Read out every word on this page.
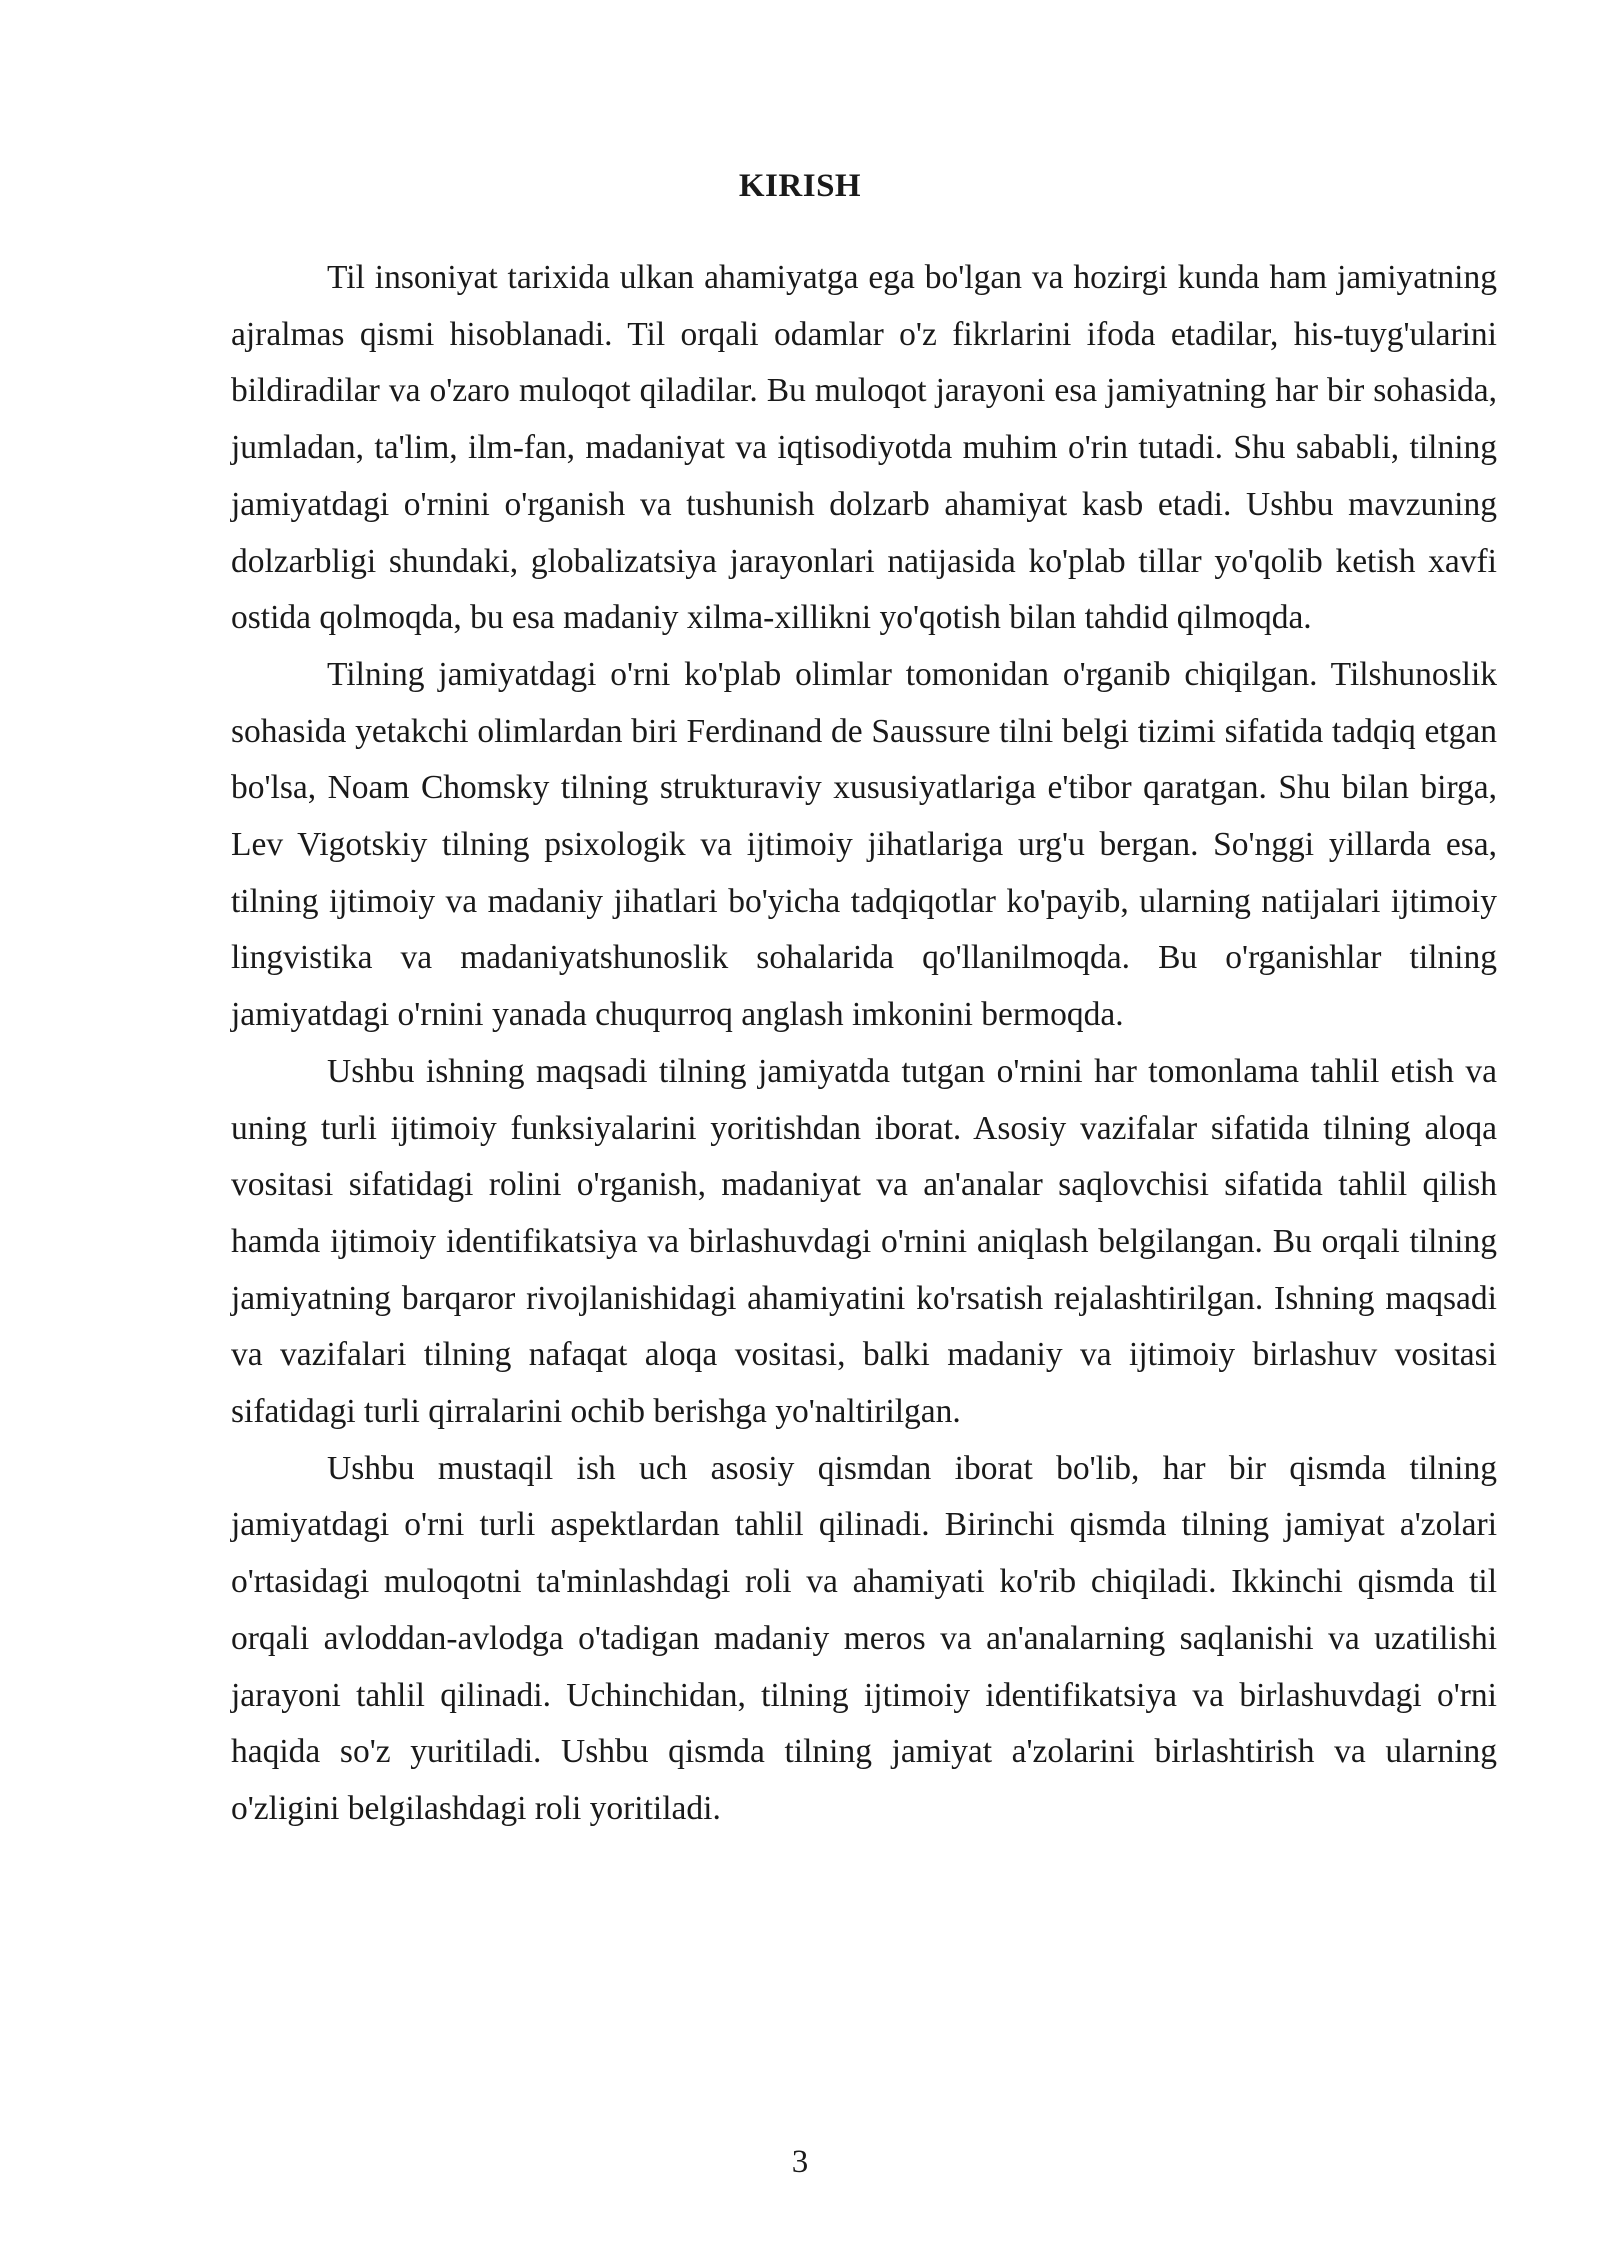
KIRISH

Til insoniyat tarixida ulkan ahamiyatga ega bo'lgan va hozirgi kunda ham jamiyatning ajralmas qismi hisoblanadi. Til orqali odamlar o'z fikrlarini ifoda etadilar, his-tuyg'ularini bildiradilar va o'zaro muloqot qiladilar. Bu muloqot jarayoni esa jamiyatning har bir sohasida, jumladan, ta'lim, ilm-fan, madaniyat va iqtisodiyotda muhim o'rin tutadi. Shu sababli, tilning jamiyatdagi o'rnini o'rganish va tushunish dolzarb ahamiyat kasb etadi. Ushbu mavzuning dolzarbligi shundaki, globalizatsiya jarayonlari natijasida ko'plab tillar yo'qolib ketish xavfi ostida qolmoqda, bu esa madaniy xilma-xillikni yo'qotish bilan tahdid qilmoqda.

Tilning jamiyatdagi o'rni ko'plab olimlar tomonidan o'rganib chiqilgan. Tilshunoslik sohasida yetakchi olimlardan biri Ferdinand de Saussure tilni belgi tizimi sifatida tadqiq etgan bo'lsa, Noam Chomsky tilning strukturaviy xususiyatlariga e'tibor qaratgan. Shu bilan birga, Lev Vigotskiy tilning psixologik va ijtimoiy jihatlariga urg'u bergan. So'nggi yillarda esa, tilning ijtimoiy va madaniy jihatlari bo'yicha tadqiqotlar ko'payib, ularning natijalari ijtimoiy lingvistika va madaniyatshunoslik sohalarida qo'llanilmoqda. Bu o'rganishlar tilning jamiyatdagi o'rnini yanada chuqurroq anglash imkonini bermoqda.

Ushbu ishning maqsadi tilning jamiyatda tutgan o'rnini har tomonlama tahlil etish va uning turli ijtimoiy funksiyalarini yoritishdan iborat. Asosiy vazifalar sifatida tilning aloqa vositasi sifatidagi rolini o'rganish, madaniyat va an'analar saqlovchisi sifatida tahlil qilish hamda ijtimoiy identifikatsiya va birlashuvdagi o'rnini aniqlash belgilangan. Bu orqali tilning jamiyatning barqaror rivojlanishidagi ahamiyatini ko'rsatish rejalashtirilgan. Ishning maqsadi va vazifalari tilning nafaqat aloqa vositasi, balki madaniy va ijtimoiy birlashuv vositasi sifatidagi turli qirralarini ochib berishga yo'naltirilgan.

Ushbu mustaqil ish uch asosiy qismdan iborat bo'lib, har bir qismda tilning jamiyatdagi o'rni turli aspektlardan tahlil qilinadi. Birinchi qismda tilning jamiyat a'zolari o'rtasidagi muloqotni ta'minlashdagi roli va ahamiyati ko'rib chiqiladi. Ikkinchi qismda til orqali avloddan-avlodga o'tadigan madaniy meros va an'analarning saqlanishi va uzatilishi jarayoni tahlil qilinadi. Uchinchidan, tilning ijtimoiy identifikatsiya va birlashuvdagi o'rni haqida so'z yuritiladi. Ushbu qismda tilning jamiyat a'zolarini birlashtirish va ularning o'zligini belgilashdagi roli yoritiladi.

3
